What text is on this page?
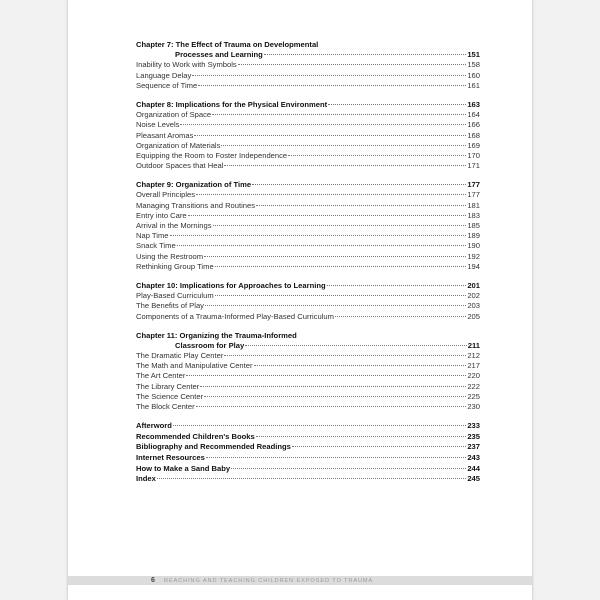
Chapter 7: The Effect of Trauma on Developmental
Processes and Learning	151
Inability to Work with Symbols	158
Language Delay	160
Sequence of Time	161
Chapter 8: Implications for the Physical Environment	163
Organization of Space	164
Noise Levels	166
Pleasant Aromas	168
Organization of Materials	169
Equipping the Room to Foster Independence	170
Outdoor Spaces that Heal	171
Chapter 9: Organization of Time	177
Overall Principles	177
Managing Transitions and Routines	181
Entry into Care	183
Arrival in the Mornings	185
Nap Time	189
Snack Time	190
Using the Restroom	192
Rethinking Group Time	194
Chapter 10: Implications for Approaches to Learning	201
Play-Based Curriculum	202
The Benefits of Play	203
Components of a Trauma-Informed Play-Based Curriculum	205
Chapter 11: Organizing the Trauma-Informed
Classroom for Play	211
The Dramatic Play Center	212
The Math and Manipulative Center	217
The Art Center	220
The Library Center	222
The Science Center	225
The Block Center	230
Afterword	233
Recommended Children's Books	235
Bibliography and Recommended Readings	237
Internet Resources	243
How to Make a Sand Baby	244
Index	245
6	REACHING AND TEACHING CHILDREN EXPOSED TO TRAUMA
